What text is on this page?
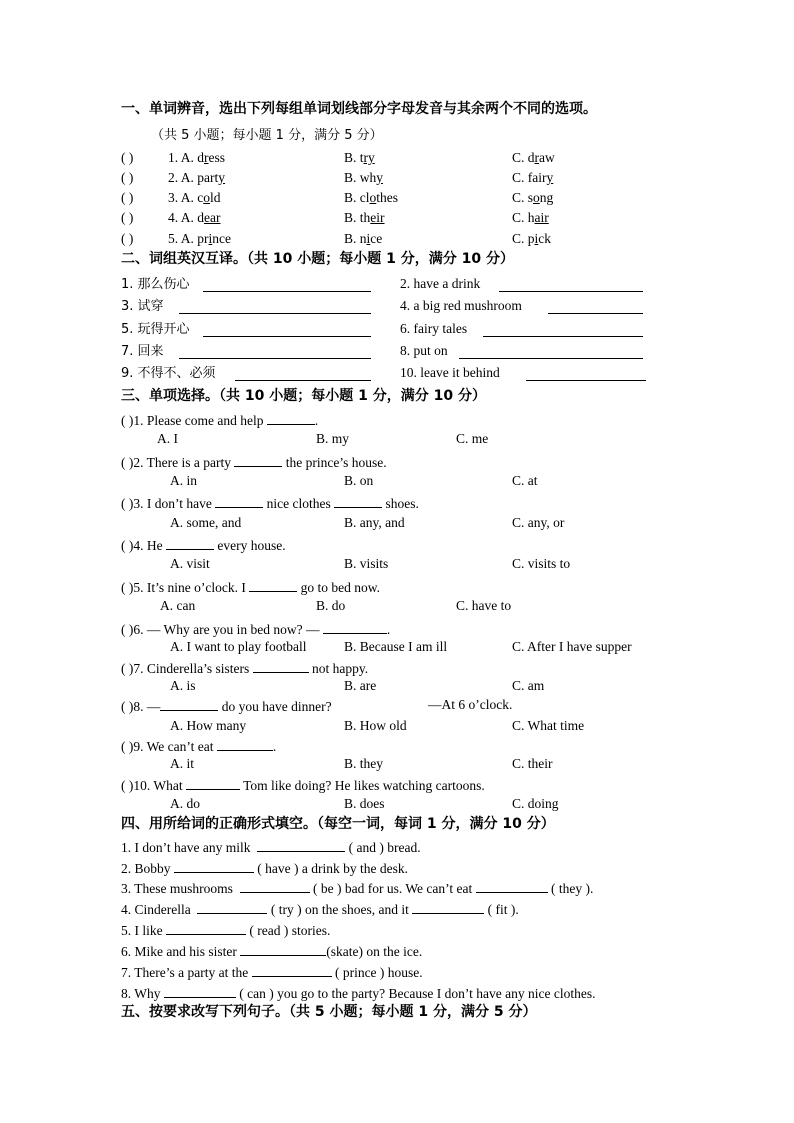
一、单词辨音，选出下列每组单词划线部分字母发音与其余两个不同的选项。
（共 5 小题；每小题 1 分，满分 5 分）
( )	1. A. dress	B. try	C. draw
( )	2. A. party	B. why	C. fairy
( )	3. A. cold	B. clothes	C. song
( )	4. A. dear	B. their	C. hair
( )	5. A. prince	B. nice	C. pick
二、词组英汉互译。（共 10 小题；每小题 1 分，满分 10 分）
1. 那么伤心	2. have a drink
3. 试穿	4. a big red mushroom
5. 玩得开心	6. fairy tales
7. 回来	8. put on
9. 不得不、必须	10. leave it behind
三、单项选择。（共 10 小题；每小题 1 分，满分 10 分）
( )1. Please come and help	.
A. I	B. my	C. me
( )2. There is a party	the prince’s house.
A. in	B. on	C. at
( )3. I don’t have	nice clothes	shoes.
A. some, and	B. any, and	C. any, or
( )4. He	every house.
A. visit	B. visits	C. visits to
( )5. It’s nine o’clock. I	go to bed now.
A. can	B. do	C. have to
( )6. — Why are you in bed now? —	.
A. I want to play football	B. Because I am ill	C. After I have supper
( )7. Cinderella’s sisters	not happy.
A. is	B. are	C. am
( )8. —	do you have dinner?	—At 6 o’clock.
A. How many	B. How old	C. What time
( )9. We can’t eat	.
A. it	B. they	C. their
( )10. What	Tom like doing? He likes watching cartoons.
A. do	B. does	C. doing
四、用所给词的正确形式填空。（每空一词，每词 1 分，满分 10 分）
1. I don’t have any milk	( and ) bread.
2. Bobby	( have ) a drink by the desk.
3. These mushrooms	( be ) bad for us. We can’t eat	( they ).
4. Cinderella	( try ) on the shoes, and it	( fit ).
5. I like	( read ) stories.
6. Mike and his sister	(skate) on the ice.
7. There’s a party at the	( prince ) house.
8. Why	( can ) you go to the party? Because I don’t have any nice clothes.
五、按要求改写下列句子。（共 5 小题；每小题 1 分，满分 5 分）
